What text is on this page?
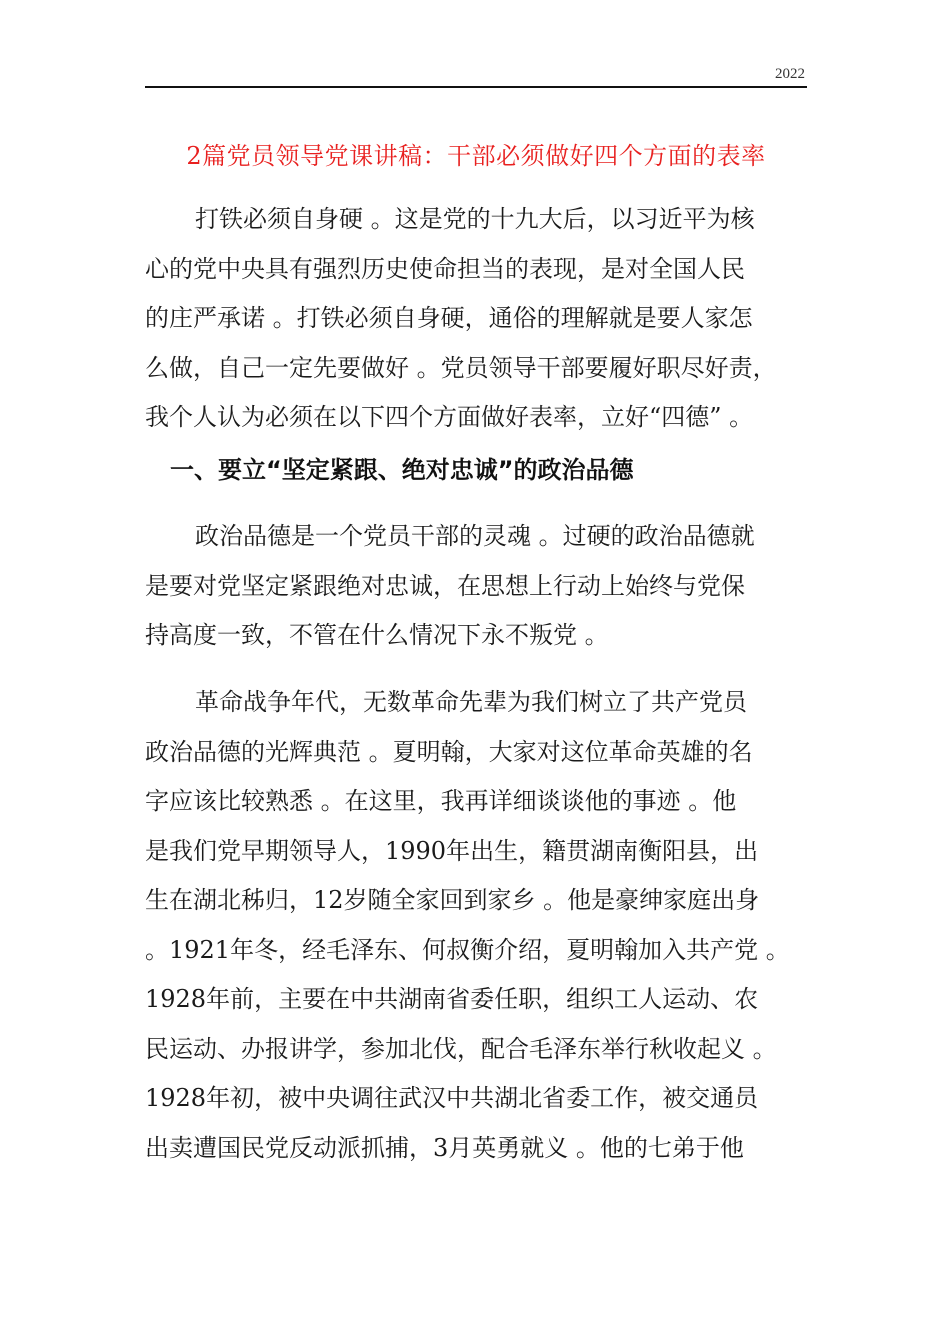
2022
2篇党员领导党课讲稿：干部必须做好四个方面的表率

打铁必须自身硬 。这是党的十九大后，以习近平为核
心的党中央具有强烈历史使命担当的表现，是对全国人民
的庄严承诺 。打铁必须自身硬，通俗的理解就是要人家怎
么做，自己一定先要做好 。党员领导干部要履好职尽好责，
我个人认为必须在以下四个方面做好表率，立好“四德” 。

一、要立“坚定紧跟、绝对忠诚”的政治品德

政治品德是一个党员干部的灵魂 。过硬的政治品德就
是要对党坚定紧跟绝对忠诚，在思想上行动上始终与党保
持高度一致，不管在什么情况下永不叛党 。

革命战争年代，无数革命先辈为我们树立了共产党员
政治品德的光辉典范 。夏明翰，大家对这位革命英雄的名
字应该比较熟悉 。在这里，我再详细谈谈他的事迹 。他
是我们党早期领导人，1990年出生，籍贯湖南衡阳县，出
生在湖北秭归，12岁随全家回到家乡 。他是豪绅家庭出身
。1921年冬，经毛泽东、何叔衡介绍，夏明翰加入共产党 。
1928年前，主要在中共湖南省委任职，组织工人运动、农
民运动、办报讲学，参加北伐，配合毛泽东举行秋收起义 。
1928年初，被中央调往武汉中共湖北省委工作，被交通员
出卖遭国民党反动派抓捕，3月英勇就义 。他的七弟于他
